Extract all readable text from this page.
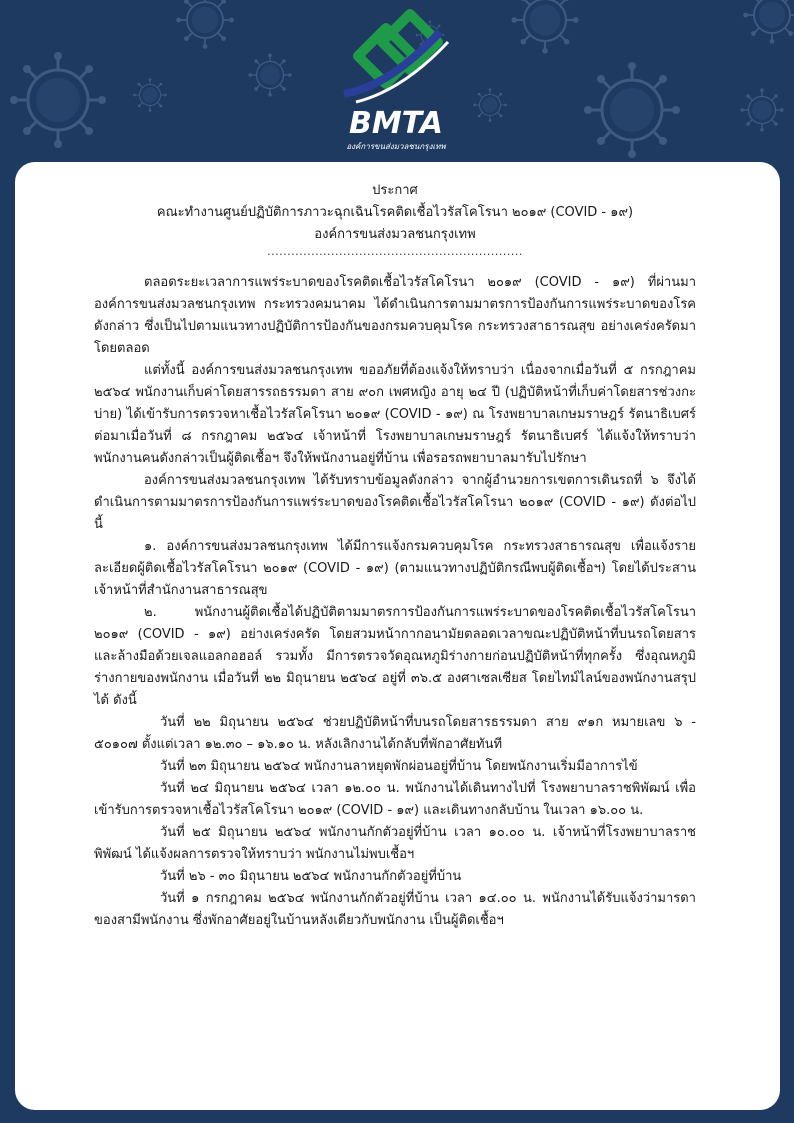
BMTA
องค์การขนส่งมวลชนกรุงเทพ
ประกาศ
คณะทำงานศูนย์ปฏิบัติการภาวะฉุกเฉินโรคติดเชื้อไวรัสโคโรนา ๒๐๑๙ (COVID - ๑๙)
องค์การขนส่งมวลชนกรุงเทพ
................................................................

ตลอดระยะเวลาการแพร่ระบาดของโรคติดเชื้อไวรัสโคโรนา ๒๐๑๙ (COVID - ๑๙) ที่ผ่านมาองค์การขนส่งมวลชนกรุงเทพ กระทรวงคมนาคม ได้ดำเนินการตามมาตรการป้องกันการแพร่ระบาดของโรคดังกล่าว ซึ่งเป็นไปตามแนวทางปฏิบัติการป้องกันของกรมควบคุมโรค กระทรวงสาธารณสุข อย่างเคร่งครัดมาโดยตลอด

แต่ทั้งนี้ องค์การขนส่งมวลชนกรุงเทพ ขออภัยที่ต้องแจ้งให้ทราบว่า เนื่องจากเมื่อวันที่ ๕ กรกฎาคม ๒๕๖๔ พนักงานเก็บค่าโดยสารรถธรรมดา สาย ๙๐ก เพศหญิง อายุ ๒๔ ปี (ปฏิบัติหน้าที่เก็บค่าโดยสารช่วงกะบ่าย) ได้เข้ารับการตรวจหาเชื้อไวรัสโคโรนา ๒๐๑๙ (COVID - ๑๙) ณ โรงพยาบาลเกษมราษฎร์ รัตนาธิเบศร์ ต่อมาเมื่อวันที่ ๘ กรกฎาคม ๒๕๖๔ เจ้าหน้าที่ โรงพยาบาลเกษมราษฎร์ รัตนาธิเบศร์ ได้แจ้งให้ทราบว่า พนักงานคนดังกล่าวเป็นผู้ติดเชื้อฯ จึงให้พนักงานอยู่ที่บ้าน เพื่อรอรถพยาบาลมารับไปรักษา

องค์การขนส่งมวลชนกรุงเทพ ได้รับทราบข้อมูลดังกล่าว จากผู้อำนวยการเขตการเดินรถที่ ๖ จึงได้ดำเนินการตามมาตรการป้องกันการแพร่ระบาดของโรคติดเชื้อไวรัสโคโรนา ๒๐๑๙ (COVID - ๑๙) ดังต่อไปนี้

๑. องค์การขนส่งมวลชนกรุงเทพ ได้มีการแจ้งกรมควบคุมโรค กระทรวงสาธารณสุข เพื่อแจ้งรายละเอียดผู้ติดเชื้อไวรัสโคโรนา ๒๐๑๙ (COVID - ๑๙) (ตามแนวทางปฏิบัติกรณีพบผู้ติดเชื้อฯ) โดยได้ประสานเจ้าหน้าที่สำนักงานสาธารณสุข

๒. พนักงานผู้ติดเชื้อได้ปฏิบัติตามมาตรการป้องกันการแพร่ระบาดของโรคติดเชื้อไวรัสโคโรนา ๒๐๑๙ (COVID - ๑๙) อย่างเคร่งครัด โดยสวมหน้ากากอนามัยตลอดเวลาขณะปฏิบัติหน้าที่บนรถโดยสาร และล้างมือด้วยเจลแอลกอฮอล์ รวมทั้ง มีการตรวจวัดอุณหภูมิร่างกายก่อนปฏิบัติหน้าที่ทุกครั้ง ซึ่งอุณหภูมิร่างกายของพนักงาน เมื่อวันที่ ๒๒ มิถุนายน ๒๕๖๔ อยู่ที่ ๓๖.๕ องศาเซลเซียส โดยไทม์ไลน์ของพนักงานสรุปได้ ดังนี้

วันที่ ๒๒ มิถุนายน ๒๕๖๔ ช่วยปฏิบัติหน้าที่บนรถโดยสารธรรมดา สาย ๙๑ก หมายเลข ๖ - ๕๐๑๐๗ ตั้งแต่เวลา ๑๒.๓๐ – ๑๖.๑๐ น. หลังเลิกงานได้กลับที่พักอาศัยทันที

วันที่ ๒๓ มิถุนายน ๒๕๖๔ พนักงานลาหยุดพักผ่อนอยู่ที่บ้าน โดยพนักงานเริ่มมีอาการไข้

วันที่ ๒๔ มิถุนายน ๒๕๖๔ เวลา ๑๒.๐๐ น. พนักงานได้เดินทางไปที่ โรงพยาบาลราชพิพัฒน์ เพื่อเข้ารับการตรวจหาเชื้อไวรัสโคโรนา ๒๐๑๙ (COVID - ๑๙) และเดินทางกลับบ้าน ในเวลา ๑๖.๐๐ น.

วันที่ ๒๕ มิถุนายน ๒๕๖๔ พนักงานกักตัวอยู่ที่บ้าน เวลา ๑๐.๐๐ น. เจ้าหน้าที่โรงพยาบาลราชพิพัฒน์ ได้แจ้งผลการตรวจให้ทราบว่า พนักงานไม่พบเชื้อฯ

วันที่ ๒๖ - ๓๐ มิถุนายน ๒๕๖๔ พนักงานกักตัวอยู่ที่บ้าน

วันที่ ๑ กรกฎาคม ๒๕๖๔ พนักงานกักตัวอยู่ที่บ้าน เวลา ๑๔.๐๐ น. พนักงานได้รับแจ้งว่ามารดาของสามีพนักงาน ซึ่งพักอาศัยอยู่ในบ้านหลังเดียวกับพนักงาน เป็นผู้ติดเชื้อฯ
